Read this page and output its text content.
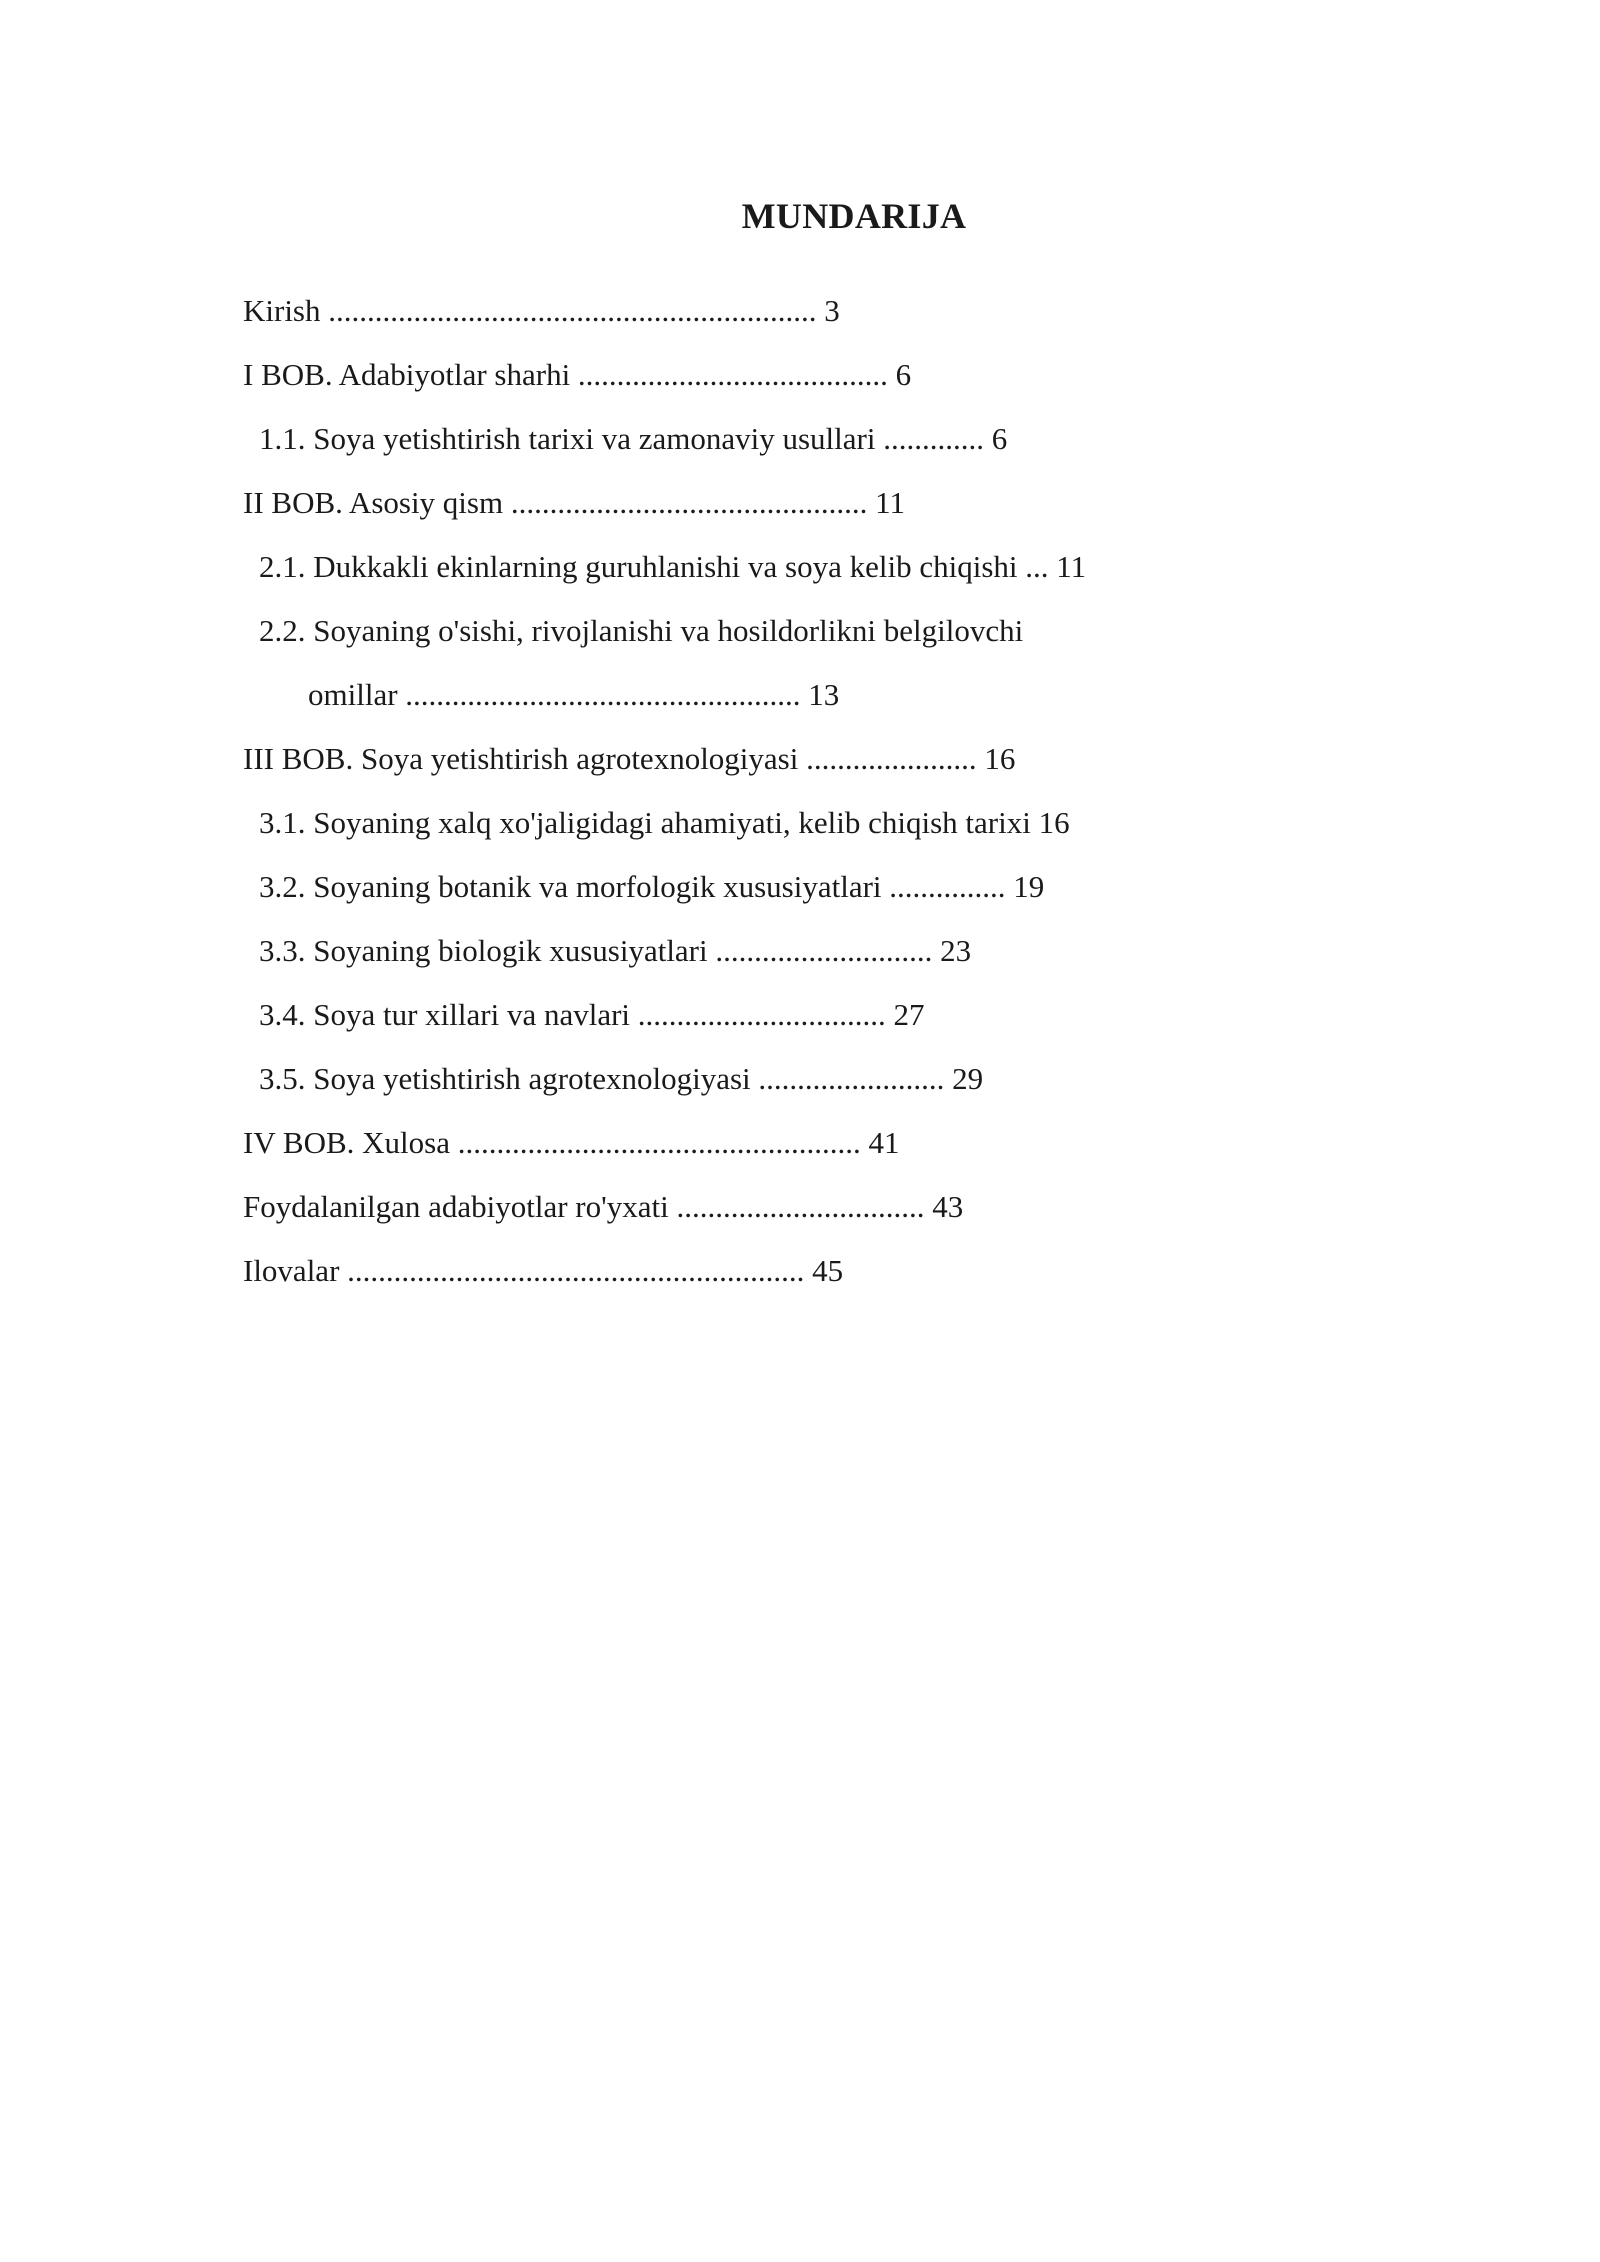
MUNDARIJA
Kirish ............................................................... 3
I BOB. Adabiyotlar sharhi ........................................ 6
1.1. Soya yetishtirish tarixi va zamonaviy usullari ............. 6
II BOB. Asosiy qism .............................................. 11
2.1. Dukkakli ekinlarning guruhlanishi va soya kelib chiqishi ... 11
2.2. Soyaning o'sishi, rivojlanishi va hosildorlikni belgilovchi
omillar ................................................... 13
III BOB. Soya yetishtirish agrotexnologiyasi ...................... 16
3.1. Soyaning xalq xo'jaligidagi ahamiyati, kelib chiqish tarixi 16
3.2. Soyaning botanik va morfologik xususiyatlari ............... 19
3.3. Soyaning biologik xususiyatlari ............................ 23
3.4. Soya tur xillari va navlari ................................ 27
3.5. Soya yetishtirish agrotexnologiyasi ........................ 29
IV BOB. Xulosa .................................................... 41
Foydalanilgan adabiyotlar ro'yxati ................................ 43
Ilovalar ........................................................... 45
